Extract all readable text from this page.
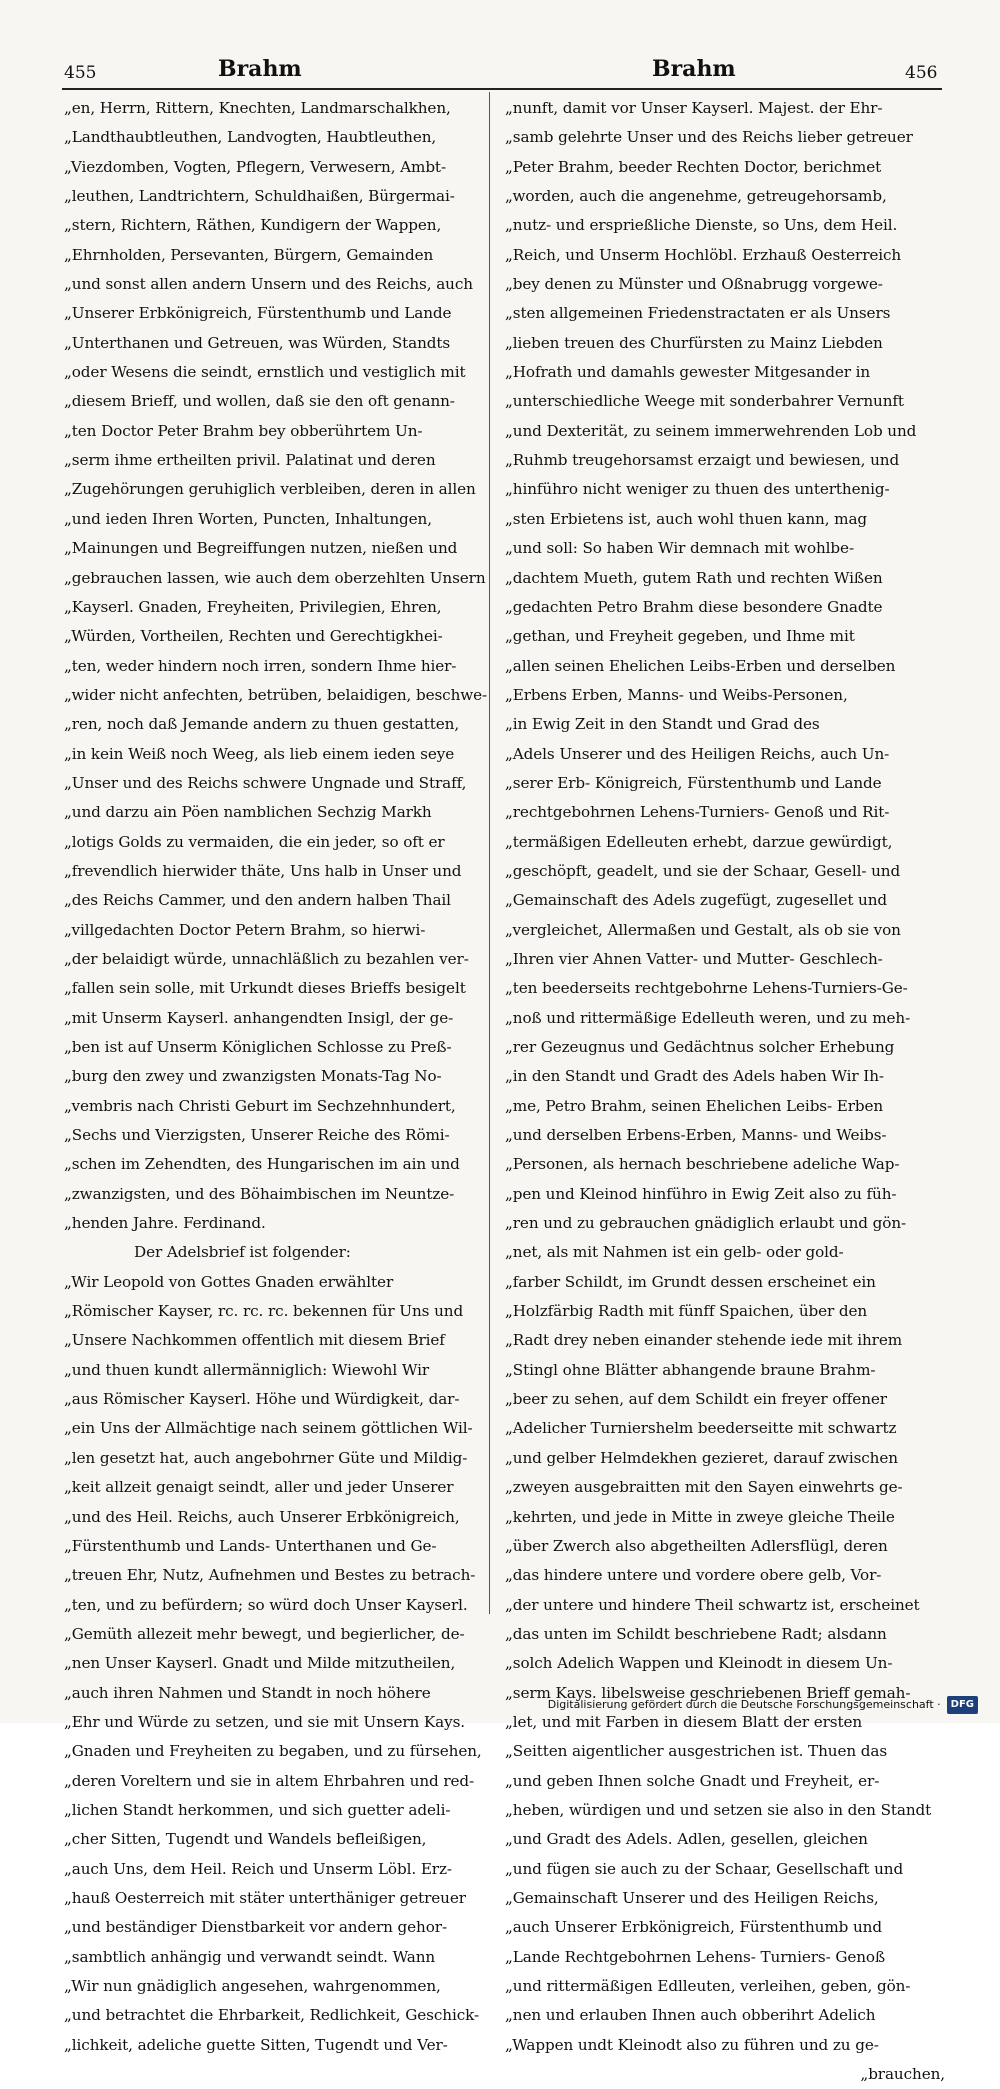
455	Brahm	Brahm	456
„en, Herrn, Rittern, Knechten, Landmarschalkhen,
„Landthaubtleuthen, Landvogten, Haubtleuthen,
„Viezdomben, Vogten, Pflegern, Verwesern, Ambt-
„leuthen, Landtrichtern, Schuldhaißen, Bürgermai-
„stern, Richtern, Räthen, Kundigern der Wappen,
„Ehrnholden, Persevanten, Bürgern, Gemainden
„und sonst allen andern Unsern und des Reichs, auch
„Unserer Erbkönigreich, Fürstenthumb und Lande
„Unterthanen und Getreuen, was Würden, Standts
„oder Wesens die seindt, ernstlich und vestiglich mit
„diesem Brieff, und wollen, daß sie den oft genann-
„ten Doctor Peter Brahm bey obberührtem Un-
„serm ihme ertheilten privil. Palatinat und deren
„Zugehörungen geruhiglich verbleiben, deren in allen
„und ieden Ihren Worten, Puncten, Inhaltungen,
„Mainungen und Begreiffungen nutzen, nießen und
„gebrauchen lassen, wie auch dem oberzehlten Unsern
„Kayserl. Gnaden, Freyheiten, Privilegien, Ehren,
„Würden, Vortheilen, Rechten und Gerechtigkhei-
„ten, weder hindern noch irren, sondern Ihme hier-
„wider nicht anfechten, betrüben, belaidigen, beschwe-
„ren, noch daß Jemande andern zu thuen gestatten,
„in kein Weiß noch Weeg, als lieb einem ieden seye
„Unser und des Reichs schwere Ungnade und Straff,
„und darzu ain Pöen namblichen Sechzig Markh
„lotigs Golds zu vermaiden, die ein jeder, so oft er
„frevendlich hierwider thäte, Uns halb in Unser und
„des Reichs Cammer, und den andern halben Thail
„villgedachten Doctor Petern Brahm, so hierwi-
„der belaidigt würde, unnachläßlich zu bezahlen ver-
„fallen sein solle, mit Urkundt dieses Brieffs besigelt
„mit Unserm Kayserl. anhangendten Insigl, der ge-
„ben ist auf Unserm Königlichen Schlosse zu Preß-
„burg den zwey und zwanzigsten Monats-Tag No-
„vembris nach Christi Geburt im Sechzehnhundert,
„Sechs und Vierzigsten, Unserer Reiche des Römi-
„schen im Zehendten, des Hungarischen im ain und
„zwanzigsten, und des Böhaimbischen im Neuntze-
„henden Jahre. Ferdinand.
Der Adelsbrief ist folgender:
„Wir Leopold von Gottes Gnaden erwählter
„Römischer Kayser, rc. rc. rc. bekennen für Uns und
„Unsere Nachkommen offentlich mit diesem Brief
„und thuen kundt allermänniglich: Wiewohl Wir
„aus Römischer Kayserl. Höhe und Würdigkeit, dar-
„ein Uns der Allmächtige nach seinem göttlichen Wil-
„len gesetzt hat, auch angebohrner Güte und Mildig-
„keit allzeit genaigt seindt, aller und jeder Unserer
„und des Heil. Reichs, auch Unserer Erbkönigreich,
„Fürstenthumb und Lands- Unterthanen und Ge-
„treuen Ehr, Nutz, Aufnehmen und Bestes zu betrach-
„ten, und zu befürdern; so würd doch Unser Kayserl.
„Gemüth allezeit mehr bewegt, und begierlicher, de-
„nen Unser Kayserl. Gnadt und Milde mitzutheilen,
„auch ihren Nahmen und Standt in noch höhere
„Ehr und Würde zu setzen, und sie mit Unsern Kays.
„Gnaden und Freyheiten zu begaben, und zu fürsehen,
„deren Voreltern und sie in altem Ehrbahren und red-
„lichen Standt herkommen, und sich guetter adeli-
„cher Sitten, Tugendt und Wandels befleißigen,
„auch Uns, dem Heil. Reich und Unserm Löbl. Erz-
„hauß Oesterreich mit stäter unterthäniger getreuer
„und beständiger Dienstbarkeit vor andern gehor-
„sambtlich anhängig und verwandt seindt. Wann
„Wir nun gnädiglich angesehen, wahrgenommen,
„und betrachtet die Ehrbarkeit, Redlichkeit, Geschick-
„lichkeit, adeliche guette Sitten, Tugendt und Ver-
„nunft, damit vor Unser Kayserl. Majest. der Ehr-
„samb gelehrte Unser und des Reichs lieber getreuer
„Peter Brahm, beeder Rechten Doctor, berichmet
„worden, auch die angenehme, getreugehorsamb,
„nutz- und ersprießliche Dienste, so Uns, dem Heil.
„Reich, und Unserm Hochlöbl. Erzhauß Oesterreich
„bey denen zu Münster und Oßnabrugg vorgewe-
„sten allgemeinen Friedenstractaten er als Unsers
„lieben treuen des Churfürsten zu Mainz Liebden
„Hofrath und damahls gewester Mitgesander in
„unterschiedliche Weege mit sonderbahrer Vernunft
„und Dexterität, zu seinem immerwehrenden Lob und
„Ruhmb treugehorsamst erzaigt und bewiesen, und
„hinführo nicht weniger zu thuen des unterthenig-
„sten Erbietens ist, auch wohl thuen kann, mag
„und soll: So haben Wir demnach mit wohlbe-
„dachtem Mueth, gutem Rath und rechten Wißen
„gedachten Petro Brahm diese besondere Gnadte
„gethan, und Freyheit gegeben, und Ihme mit
„allen seinen Ehelichen Leibs-Erben und derselben
„Erbens Erben, Manns- und Weibs-Personen,
„in Ewig Zeit in den Standt und Grad des
„Adels Unserer und des Heiligen Reichs, auch Un-
„serer Erb- Königreich, Fürstenthumb und Lande
„rechtgebohrnen Lehens-Turniers- Genoß und Rit-
„termäßigen Edelleuten erhebt, darzue gewürdigt,
„geschöpft, geadelt, und sie der Schaar, Gesell- und
„Gemainschaft des Adels zugefügt, zugesellet und
„vergleichet, Allermaßen und Gestalt, als ob sie von
„Ihren vier Ahnen Vatter- und Mutter- Geschlech-
„ten beederseits rechtgebohrne Lehens-Turniers-Ge-
„noß und rittermäßige Edelleuth weren, und zu meh-
„rer Gezeugnus und Gedächtnus solcher Erhebung
„in den Standt und Gradt des Adels haben Wir Ih-
„me, Petro Brahm, seinen Ehelichen Leibs- Erben
„und derselben Erbens-Erben, Manns- und Weibs-
„Personen, als hernach beschriebene adeliche Wap-
„pen und Kleinod hinführo in Ewig Zeit also zu füh-
„ren und zu gebrauchen gnädiglich erlaubt und gön-
„net, als mit Nahmen ist ein gelb- oder gold-
„farber Schildt, im Grundt dessen erscheinet ein
„Holzfärbig Radth mit fünff Spaichen, über den
„Radt drey neben einander stehende iede mit ihrem
„Stingl ohne Blätter abhangende braune Brahm-
„beer zu sehen, auf dem Schildt ein freyer offener
„Adelicher Turniershelm beederseitte mit schwartz
„und gelber Helmdekhen gezieret, darauf zwischen
„zweyen ausgebraitten mit den Sayen einwehrts ge-
„kehrten, und jede in Mitte in zweye gleiche Theile
„über Zwerch also abgetheilten Adlersflügl, deren
„das hindere untere und vordere obere gelb, Vor-
„der untere und hindere Theil schwartz ist, erscheinet
„das unten im Schildt beschriebene Radt; alsdann
„solch Adelich Wappen und Kleinodt in diesem Un-
„serm Kays. libelsweise geschriebenen Brieff gemah-
„let, und mit Farben in diesem Blatt der ersten
„Seitten aigentlicher ausgestrichen ist. Thuen das
„und geben Ihnen solche Gnadt und Freyheit, er-
„heben, würdigen und und setzen sie also in den Standt
„und Gradt des Adels. Adlen, gesellen, gleichen
„und fügen sie auch zu der Schaar, Gesellschaft und
„Gemainschaft Unserer und des Heiligen Reichs,
„auch Unserer Erbkönigreich, Fürstenthumb und
„Lande Rechtgebohrnen Lehens- Turniers- Genoß
„und rittermäßigen Edlleuten, verleihen, geben, gön-
„nen und erlauben Ihnen auch obberihrt Adelich
„Wappen undt Kleinodt also zu führen und zu ge-
„brauchen,
Digitalisierung gefördert durch die Deutsche Forschungsgemeinschaft ·	DFG
